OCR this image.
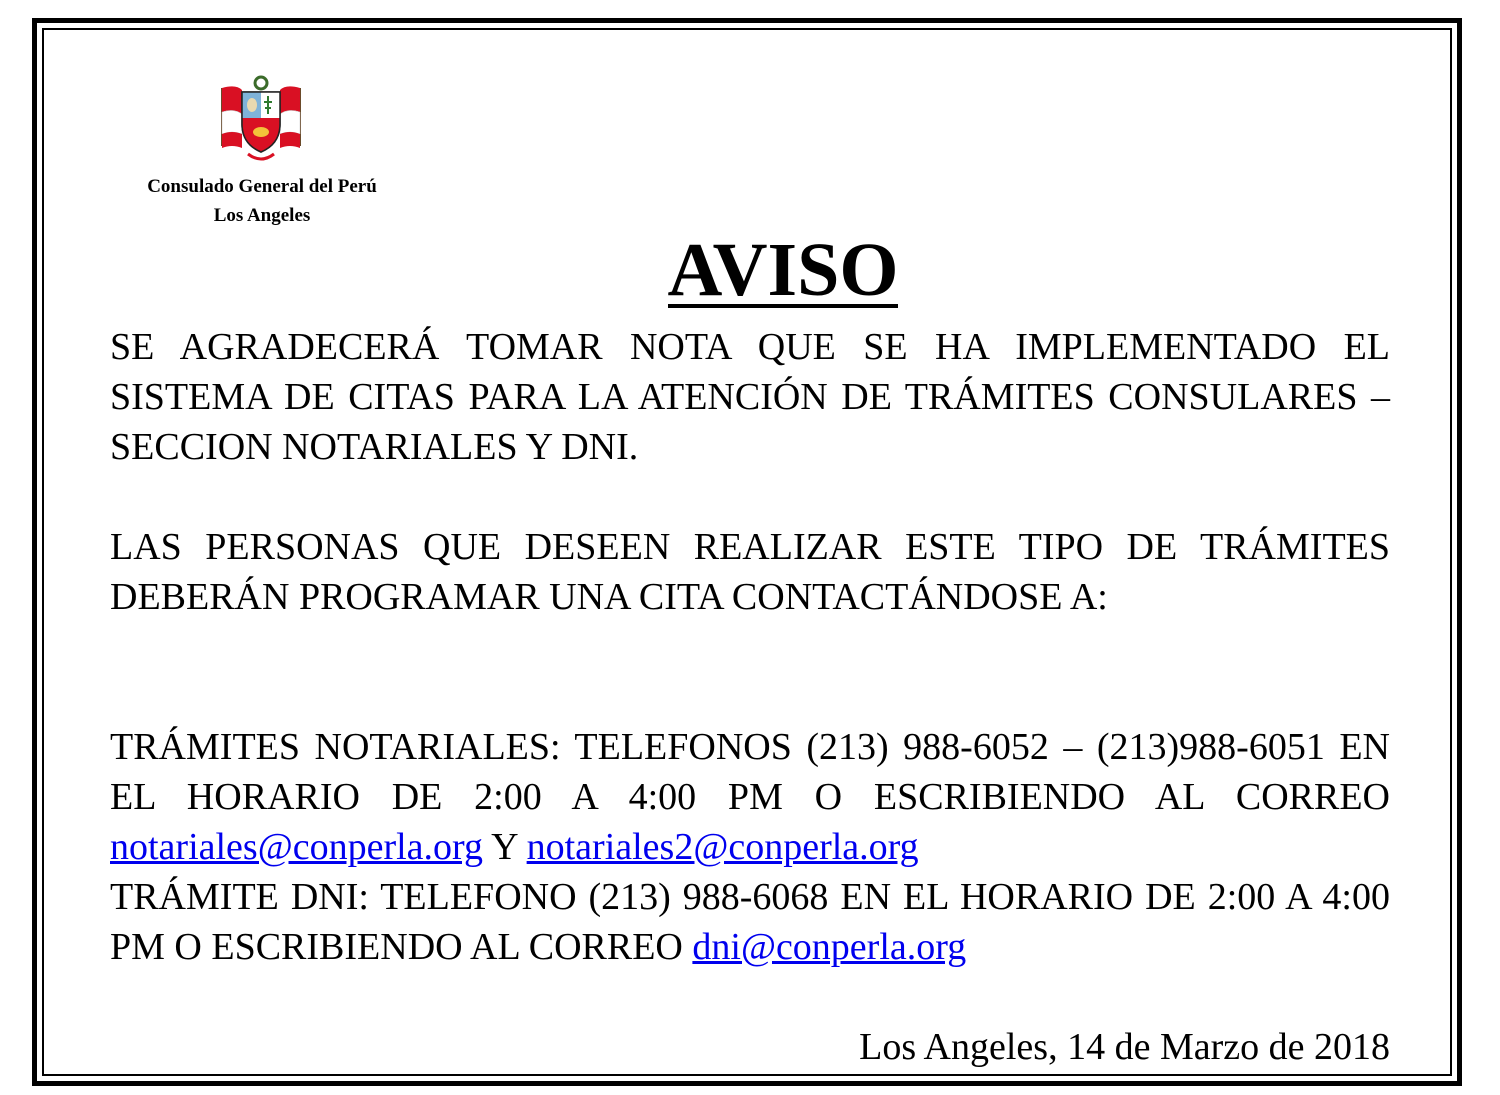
Consulado General del Perú
Los Angeles
AVISO

SE AGRADECERÁ TOMAR NOTA QUE SE HA IMPLEMENTADO EL SISTEMA DE CITAS PARA LA ATENCIÓN DE TRÁMITES CONSULARES – SECCION NOTARIALES Y DNI.

LAS PERSONAS QUE DESEEN REALIZAR ESTE TIPO DE TRÁMITES DEBERÁN PROGRAMAR UNA CITA CONTACTÁNDOSE A:

TRÁMITES NOTARIALES: TELEFONOS (213) 988-6052 – (213)988-6051 EN EL HORARIO DE 2:00 A 4:00 PM O ESCRIBIENDO AL CORREO notariales@conperla.org Y notariales2@conperla.org

TRÁMITE DNI: TELEFONO (213) 988-6068 EN EL HORARIO DE 2:00 A 4:00 PM O ESCRIBIENDO AL CORREO dni@conperla.org

Los Angeles, 14 de Marzo de 2018
